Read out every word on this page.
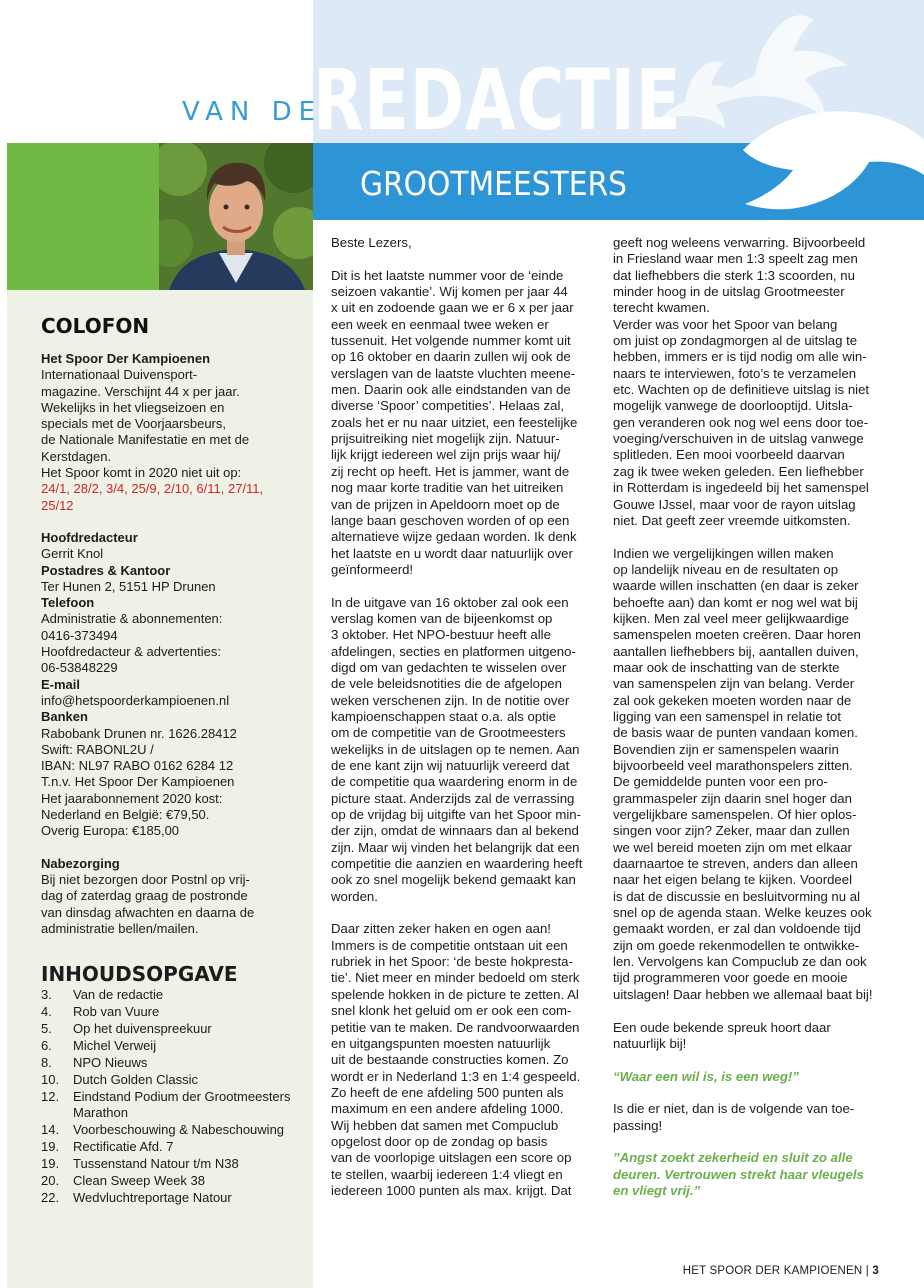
VAN DE
REDACTIE
GROOTMEESTERS
COLOFON
Het Spoor Der Kampioenen
Internationaal Duivensport-
magazine. Verschijnt 44 x per jaar.
Wekelijks in het vliegseizoen en
specials met de Voorjaarsbeurs,
de Nationale Manifestatie en met de
Kerstdagen.
Het Spoor komt in 2020 niet uit op:
24/1, 28/2, 3/4, 25/9, 2/10, 6/11, 27/11,
25/12
Hoofdredacteur
Gerrit Knol
Postadres & Kantoor
Ter Hunen 2, 5151 HP Drunen
Telefoon
Administratie & abonnementen:
0416-373494
Hoofdredacteur & advertenties:
06-53848229
E-mail
info@hetspoorderkampioenen.nl
Banken
Rabobank Drunen nr. 1626.28412
Swift: RABONL2U /
IBAN: NL97 RABO 0162 6284 12
T.n.v. Het Spoor Der Kampioenen
Het jaarabonnement 2020 kost:
Nederland en België: €79,50.
Overig Europa: €185,00
Nabezorging
Bij niet bezorgen door Postnl op vrij-
dag of zaterdag graag de postronde
van dinsdag afwachten en daarna de
administratie bellen/mailen.
INHOUDSOPGAVE
3.	Van de redactie
4.	Rob van Vuure
5.	Op het duivenspreekuur
6.	Michel Verweij
8.	NPO Nieuws
10.	Dutch Golden Classic
12.	Eindstand Podium der Grootmeesters
Marathon
14.	Voorbeschouwing & Nabeschouwing
19.	Rectificatie Afd. 7
19.	Tussenstand Natour t/m N38
20.	Clean Sweep Week 38
22.	Wedvluchtreportage Natour
Beste Lezers,
Dit is het laatste nummer voor de ‘einde
seizoen vakantie’. Wij komen per jaar 44
x uit en zodoende gaan we er 6 x per jaar
een week en eenmaal twee weken er
tussenuit. Het volgende nummer komt uit
op 16 oktober en daarin zullen wij ook de
verslagen van de laatste vluchten meene-
men. Daarin ook alle eindstanden van de
diverse ‘Spoor’ competities’. Helaas zal,
zoals het er nu naar uitziet, een feestelijke
prijsuitreiking niet mogelijk zijn. Natuur-
lijk krijgt iedereen wel zijn prijs waar hij/
zij recht op heeft. Het is jammer, want de
nog maar korte traditie van het uitreiken
van de prijzen in Apeldoorn moet op de
lange baan geschoven worden of op een
alternatieve wijze gedaan worden. Ik denk
het laatste en u wordt daar natuurlijk over
geïnformeerd!
In de uitgave van 16 oktober zal ook een
verslag komen van de bijeenkomst op
3 oktober. Het NPO-bestuur heeft alle
afdelingen, secties en platformen uitgeno-
digd om van gedachten te wisselen over
de vele beleidsnotities die de afgelopen
weken verschenen zijn. In de notitie over
kampioenschappen staat o.a. als optie
om de competitie van de Grootmeesters
wekelijks in de uitslagen op te nemen. Aan
de ene kant zijn wij natuurlijk vereerd dat
de competitie qua waardering enorm in de
picture staat. Anderzijds zal de verrassing
op de vrijdag bij uitgifte van het Spoor min-
der zijn, omdat de winnaars dan al bekend
zijn. Maar wij vinden het belangrijk dat een
competitie die aanzien en waardering heeft
ook zo snel mogelijk bekend gemaakt kan
worden.
Daar zitten zeker haken en ogen aan!
Immers is de competitie ontstaan uit een
rubriek in het Spoor: ‘de beste hokpresta-
tie’. Niet meer en minder bedoeld om sterk
spelende hokken in de picture te zetten. Al
snel klonk het geluid om er ook een com-
petitie van te maken. De randvoorwaarden
en uitgangspunten moesten natuurlijk
uit de bestaande constructies komen. Zo
wordt er in Nederland 1:3 en 1:4 gespeeld.
Zo heeft de ene afdeling 500 punten als
maximum en een andere afdeling 1000.
Wij hebben dat samen met Compuclub
opgelost door op de zondag op basis
van de voorlopige uitslagen een score op
te stellen, waarbij iedereen 1:4 vliegt en
iedereen 1000 punten als max. krijgt. Dat
geeft nog weleens verwarring. Bijvoorbeeld
in Friesland waar men 1:3 speelt zag men
dat liefhebbers die sterk 1:3 scoorden, nu
minder hoog in de uitslag Grootmeester
terecht kwamen.
Verder was voor het Spoor van belang
om juist op zondagmorgen al de uitslag te
hebben, immers er is tijd nodig om alle win-
naars te interviewen, foto’s te verzamelen
etc. Wachten op de definitieve uitslag is niet
mogelijk vanwege de doorlooptijd. Uitsla-
gen veranderen ook nog wel eens door toe-
voeging/verschuiven in de uitslag vanwege
splitleden. Een mooi voorbeeld daarvan
zag ik twee weken geleden. Een liefhebber
in Rotterdam is ingedeeld bij het samenspel
Gouwe IJssel, maar voor de rayon uitslag
niet. Dat geeft zeer vreemde uitkomsten.
Indien we vergelijkingen willen maken
op landelijk niveau en de resultaten op
waarde willen inschatten (en daar is zeker
behoefte aan) dan komt er nog wel wat bij
kijken. Men zal veel meer gelijkwaardige
samenspelen moeten creëren. Daar horen
aantallen liefhebbers bij, aantallen duiven,
maar ook de inschatting van de sterkte
van samenspelen zijn van belang. Verder
zal ook gekeken moeten worden naar de
ligging van een samenspel in relatie tot
de basis waar de punten vandaan komen.
Bovendien zijn er samenspelen waarin
bijvoorbeeld veel marathonspelers zitten.
De gemiddelde punten voor een pro-
grammaspeler zijn daarin snel hoger dan
vergelijkbare samenspelen. Of hier oplos-
singen voor zijn? Zeker, maar dan zullen
we wel bereid moeten zijn om met elkaar
daarnaartoe te streven, anders dan alleen
naar het eigen belang te kijken. Voordeel
is dat de discussie en besluitvorming nu al
snel op de agenda staan. Welke keuzes ook
gemaakt worden, er zal dan voldoende tijd
zijn om goede rekenmodellen te ontwikke-
len. Vervolgens kan Compuclub ze dan ook
tijd programmeren voor goede en mooie
uitslagen! Daar hebben we allemaal baat bij!
Een oude bekende spreuk hoort daar
natuurlijk bij!
“Waar een wil is, is een weg!”
Is die er niet, dan is de volgende van toe-
passing!
”Angst zoekt zekerheid en sluit zo alle
deuren. Vertrouwen strekt haar vleugels
en vliegt vrij.”
HET SPOOR DER KAMPIOENEN | 3
